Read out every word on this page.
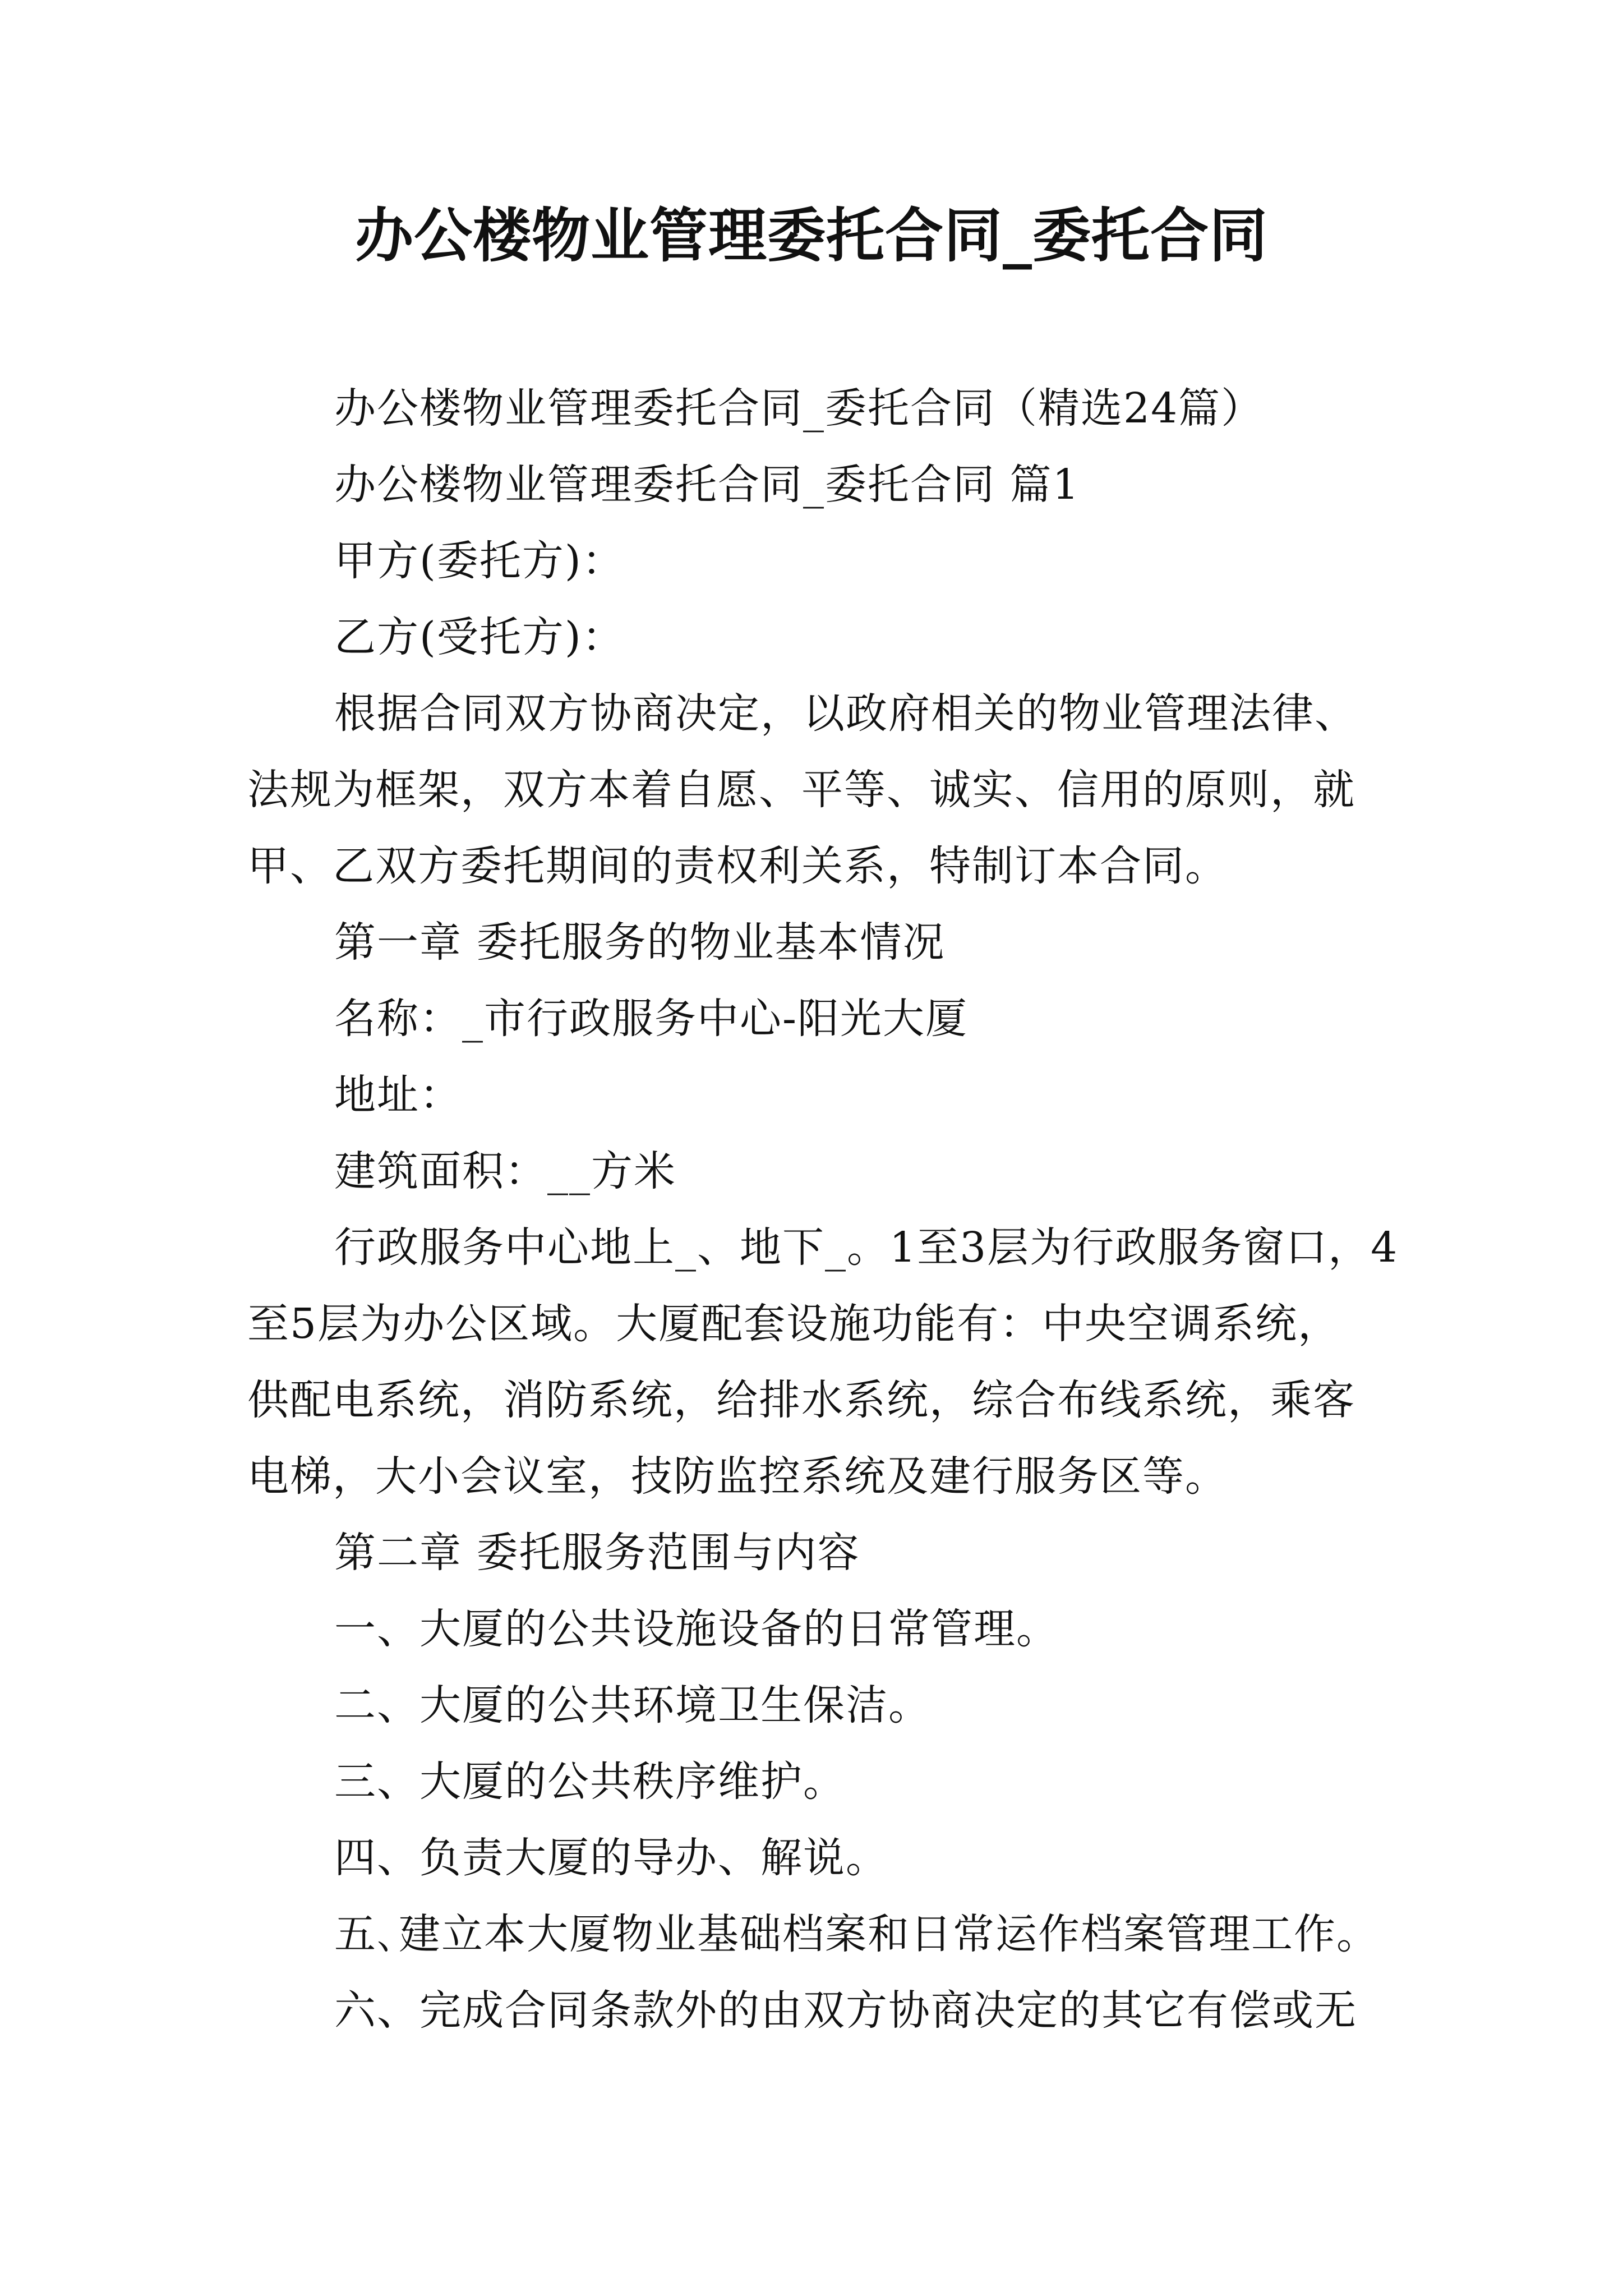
办公楼物业管理委托合同_委托合同
办公楼物业管理委托合同_委托合同（精选24篇）
办公楼物业管理委托合同_委托合同 篇1
甲方(委托方)：
乙方(受托方)：
根据合同双方协商决定，以政府相关的物业管理法律、
法规为框架，双方本着自愿、平等、诚实、信用的原则，就
甲、乙双方委托期间的责权利关系，特制订本合同。
第一章 委托服务的物业基本情况
名称：_市行政服务中心-阳光大厦
地址：
建筑面积：__方米
行政服务中心地上_、地下_。1至3层为行政服务窗口，4
至5层为办公区域。大厦配套设施功能有：中央空调系统，
供配电系统，消防系统，给排水系统，综合布线系统，乘客
电梯，大小会议室，技防监控系统及建行服务区等。
第二章 委托服务范围与内容
一、大厦的公共设施设备的日常管理。
二、大厦的公共环境卫生保洁。
三、大厦的公共秩序维护。
四、负责大厦的导办、解说。
五､建立本大厦物业基础档案和日常运作档案管理工作。
六、完成合同条款外的由双方协商决定的其它有偿或无
